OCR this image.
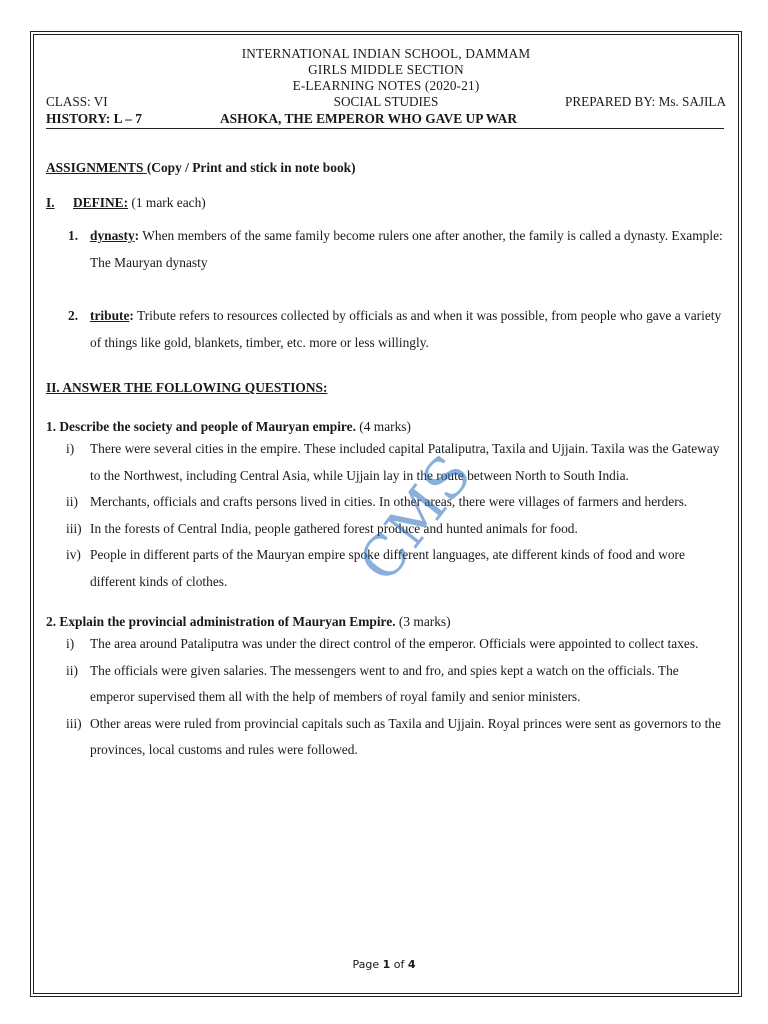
INTERNATIONAL INDIAN SCHOOL, DAMMAM
GIRLS MIDDLE SECTION
E-LEARNING NOTES (2020-21)
CLASS: VI	SOCIAL STUDIES	PREPARED BY: Ms. SAJILA
HISTORY: L – 7	ASHOKA, THE EMPEROR WHO GAVE UP WAR
ASSIGNMENTS (Copy / Print and stick in note book)
I. DEFINE: (1 mark each)
1. dynasty: When members of the same family become rulers one after another, the family is called a dynasty. Example: The Mauryan dynasty
2. tribute: Tribute refers to resources collected by officials as and when it was possible, from people who gave a variety of things like gold, blankets, timber, etc. more or less willingly.
II. ANSWER THE FOLLOWING QUESTIONS:
1. Describe the society and people of Mauryan empire. (4 marks)
i) There were several cities in the empire. These included capital Pataliputra, Taxila and Ujjain. Taxila was the Gateway to the Northwest, including Central Asia, while Ujjain lay in the route between North to South India.
ii) Merchants, officials and crafts persons lived in cities. In other areas, there were villages of farmers and herders.
iii) In the forests of Central India, people gathered forest produce and hunted animals for food.
iv) People in different parts of the Mauryan empire spoke different languages, ate different kinds of food and wore different kinds of clothes.
2. Explain the provincial administration of Mauryan Empire. (3 marks)
i) The area around Pataliputra was under the direct control of the emperor. Officials were appointed to collect taxes.
ii) The officials were given salaries. The messengers went to and fro, and spies kept a watch on the officials. The emperor supervised them all with the help of members of royal family and senior ministers.
iii) Other areas were ruled from provincial capitals such as Taxila and Ujjain. Royal princes were sent as governors to the provinces, local customs and rules were followed.
CMS
Page 1 of 4
